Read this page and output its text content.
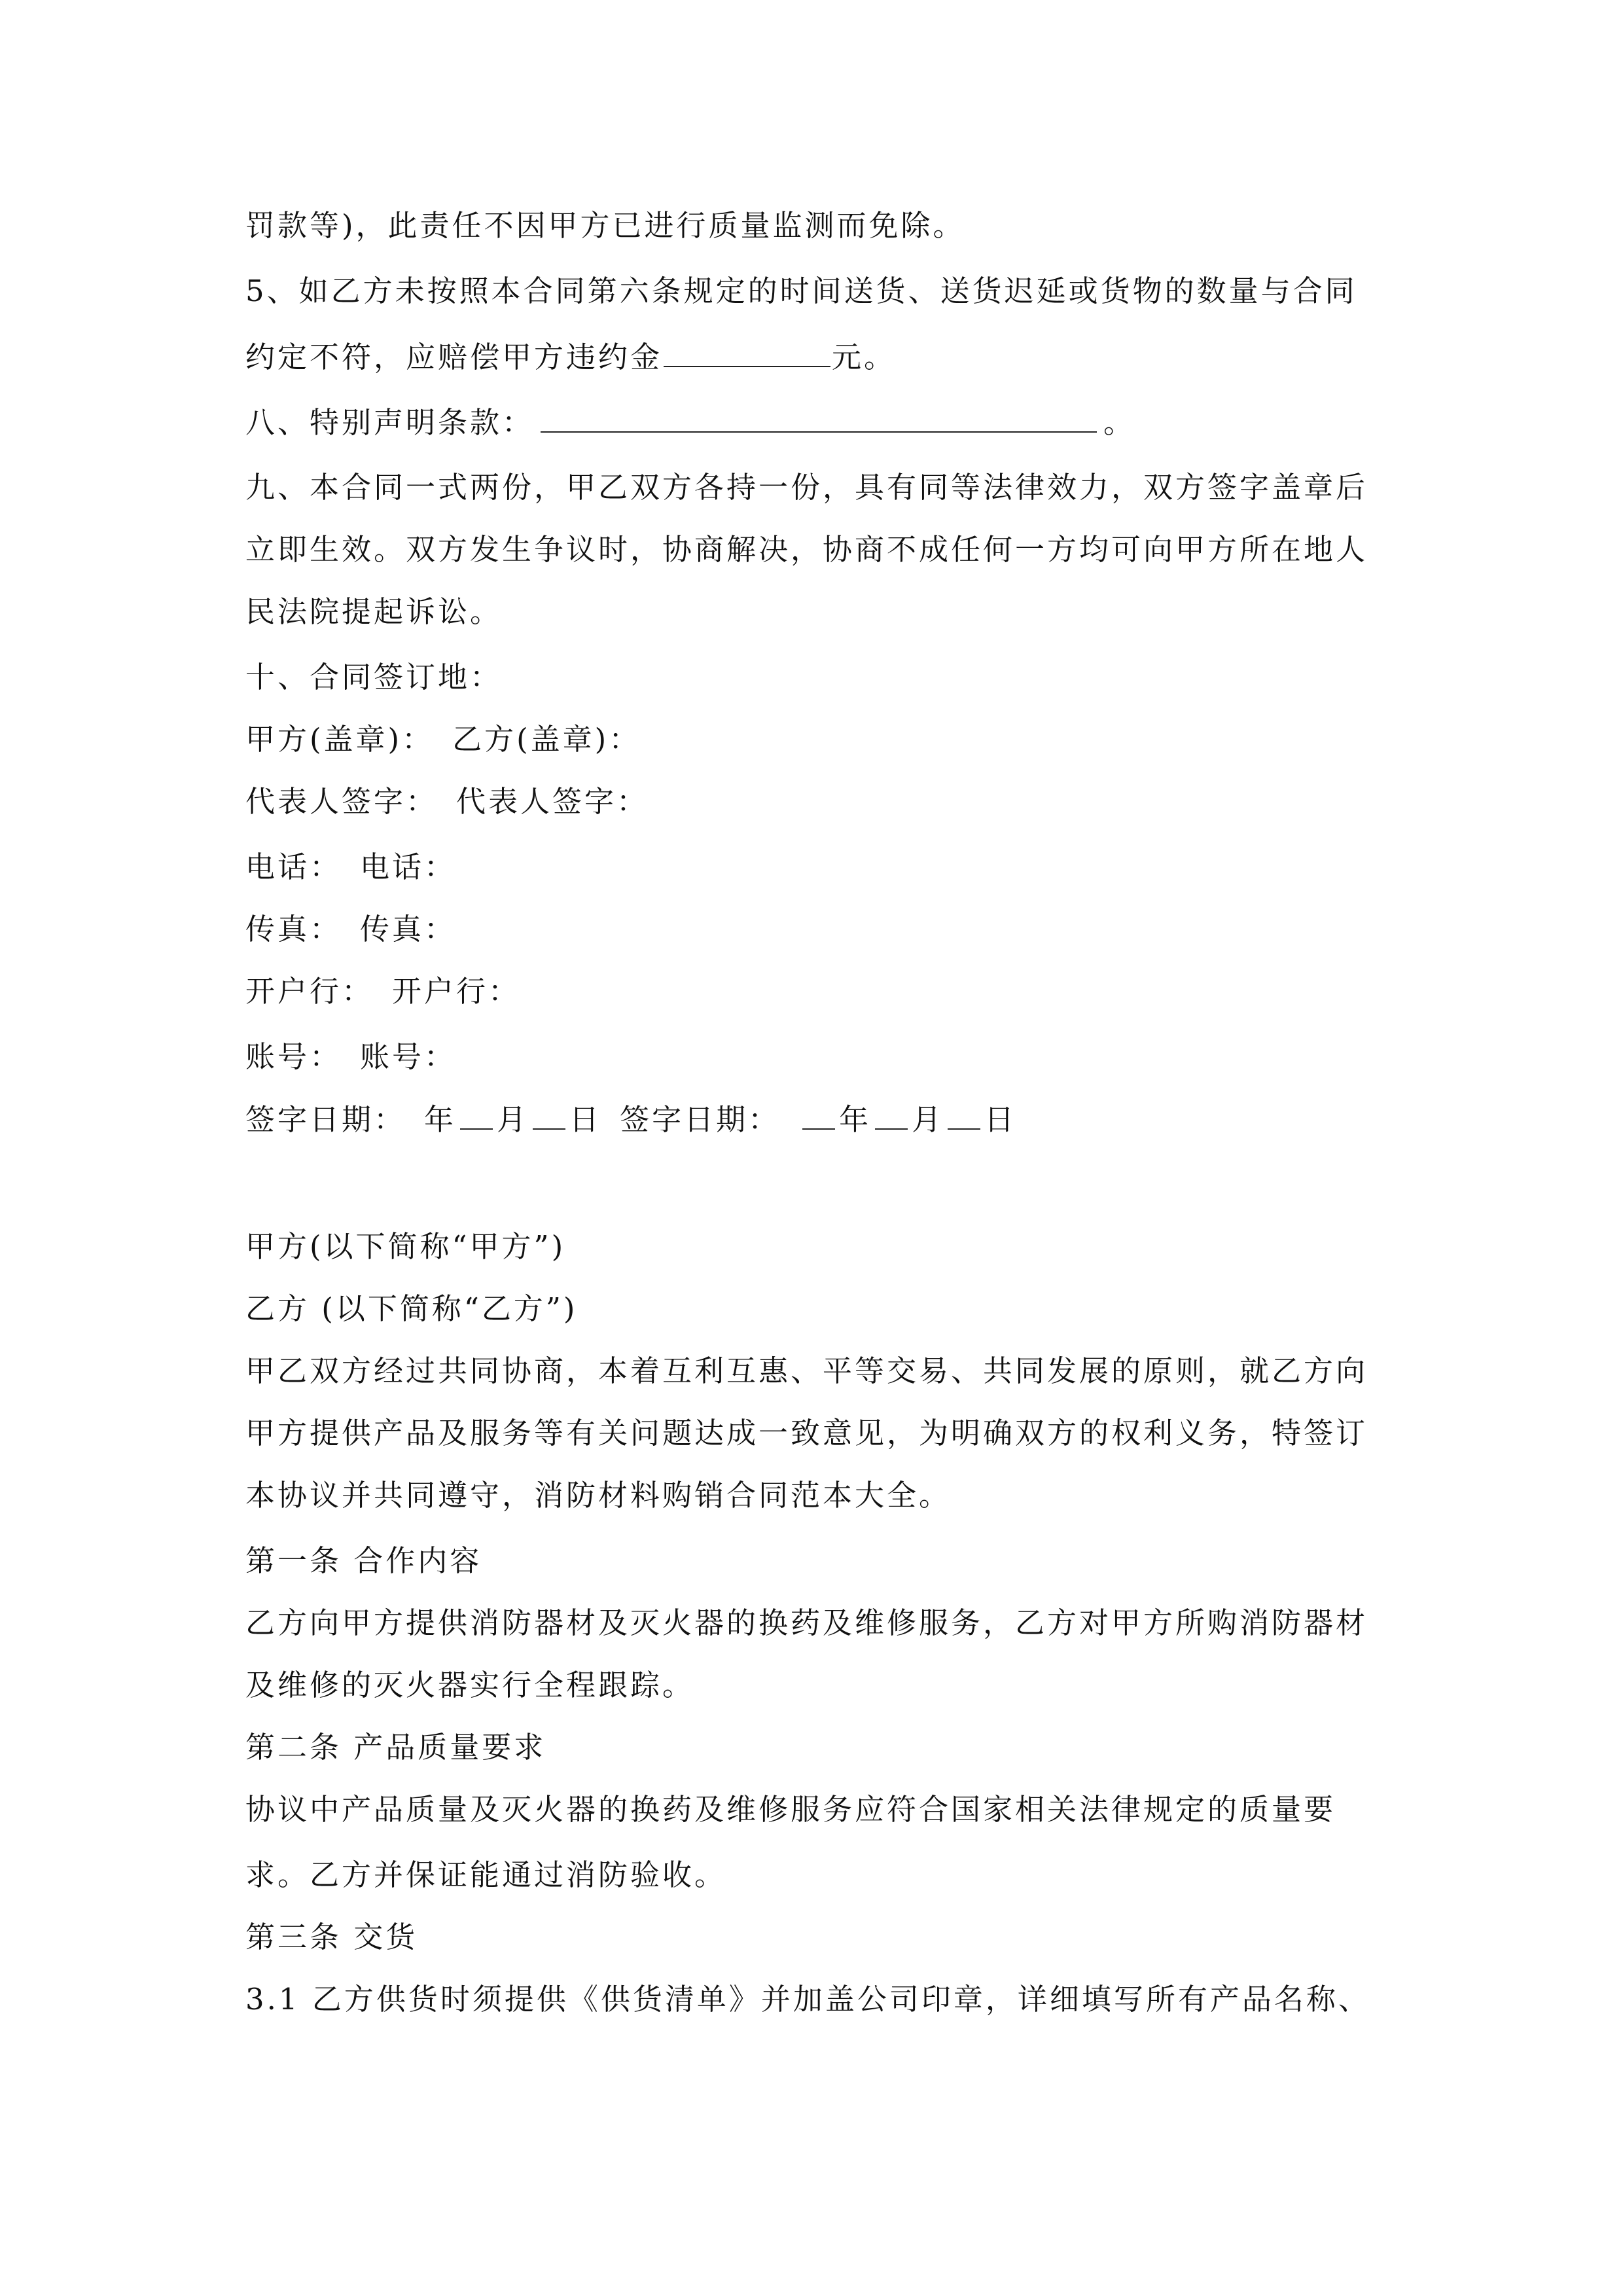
罚款等)，此责任不因甲方已进行质量监测而免除。
5、如乙方未按照本合同第六条规定的时间送货、送货迟延或货物的数量与合同
约定不符，应赔偿甲方违约金	元。
八、特别声明条款：	。
九、本合同一式两份，甲乙双方各持一份，具有同等法律效力，双方签字盖章后
立即生效。双方发生争议时，协商解决，协商不成任何一方均可向甲方所在地人
民法院提起诉讼。
十、合同签订地：
甲方(盖章)： 乙方(盖章)：
代表人签字： 代表人签字：
电话： 电话：
传真： 传真：
开户行： 开户行：
账号： 账号：
签字日期： 年 月 日 签字日期： 年 月 日
甲方(以下简称“甲方”)
乙方 (以下简称“乙方”)
甲乙双方经过共同协商，本着互利互惠、平等交易、共同发展的原则，就乙方向
甲方提供产品及服务等有关问题达成一致意见，为明确双方的权利义务，特签订
本协议并共同遵守，消防材料购销合同范本大全。
第一条 合作内容
乙方向甲方提供消防器材及灭火器的换药及维修服务，乙方对甲方所购消防器材
及维修的灭火器实行全程跟踪。
第二条 产品质量要求
协议中产品质量及灭火器的换药及维修服务应符合国家相关法律规定的质量要
求。乙方并保证能通过消防验收。
第三条 交货
3.1 乙方供货时须提供《供货清单》并加盖公司印章，详细填写所有产品名称、
